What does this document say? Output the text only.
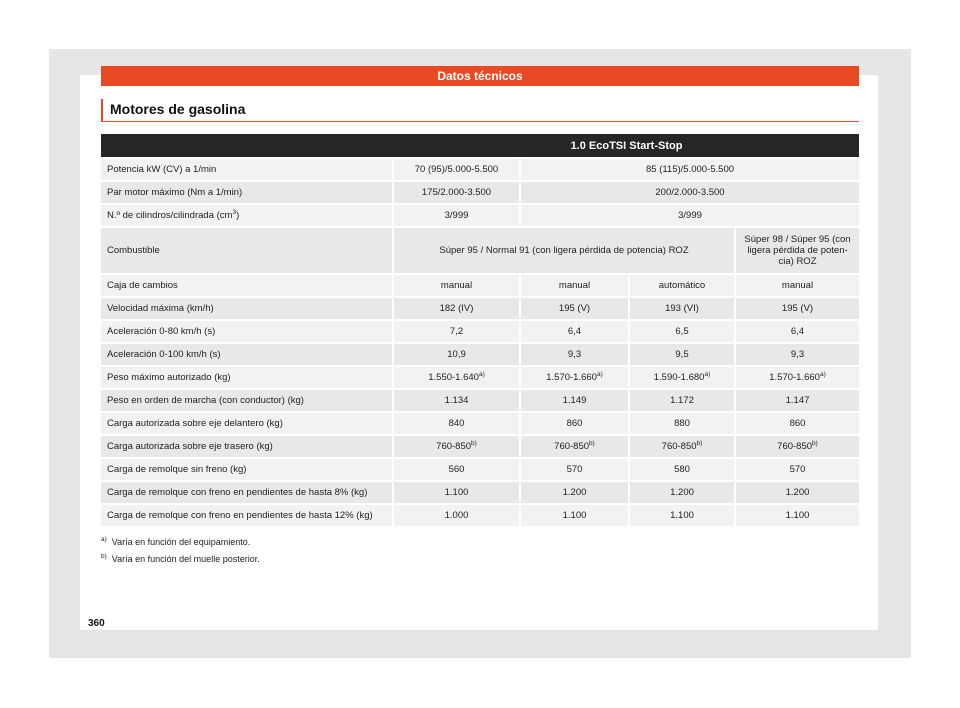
Datos técnicos
Motores de gasolina
	1.0 EcoTSI Start-Stop			
Potencia kW (CV) a 1/min	70 (95)/5.000-5.500	85 (115)/5.000-5.500		
Par motor máximo (Nm a 1/min)	175/2.000-3.500	200/2.000-3.500		
N.º de cilindros/cilindrada $(cm^3)$	3/999	3/999		
Combustible	Súper 95 / Normal 91 (con ligera pérdida de potencia) ROZ			Súper 98 / Súper 95 (con ligera pérdida de poten-cia) ROZ
Caja de cambios	manual	manual	automático	manual
Velocidad máxima (km/h)	182 (IV)	195 (V)	193 (VI)	195 (V)
Aceleración 0-80 km/h (s)	7,2	6,4	6,5	6,4
Aceleración 0-100 km/h (s)	10,9	9,3	9,5	9,3
Peso máximo autorizado (kg)	1.550-1.640$^{a)}$	1.570-1.660$^{a)}$	1.590-1.680$^{a)}$	1.570-1.660$^{a)}$
Peso en orden de marcha (con conductor) (kg)	1.134	1.149	1.172	1.147
Carga autorizada sobre eje delantero (kg)	840	860	880	860
Carga autorizada sobre eje trasero (kg)	760-850$^{b)}$	760-850$^{b)}$	760-850$^{b)}$	760-850$^{b)}$
Carga de remolque sin freno (kg)	560	570	580	570
Carga de remolque con freno en pendientes de hasta 8% (kg)	1.100	1.200	1.200	1.200
Carga de remolque con freno en pendientes de hasta 12% (kg)	1.000	1.100	1.100	1.100
$^{a)}$ Varía en función del equipamiento.
$^{b)}$ Varía en función del muelle posterior.
360
